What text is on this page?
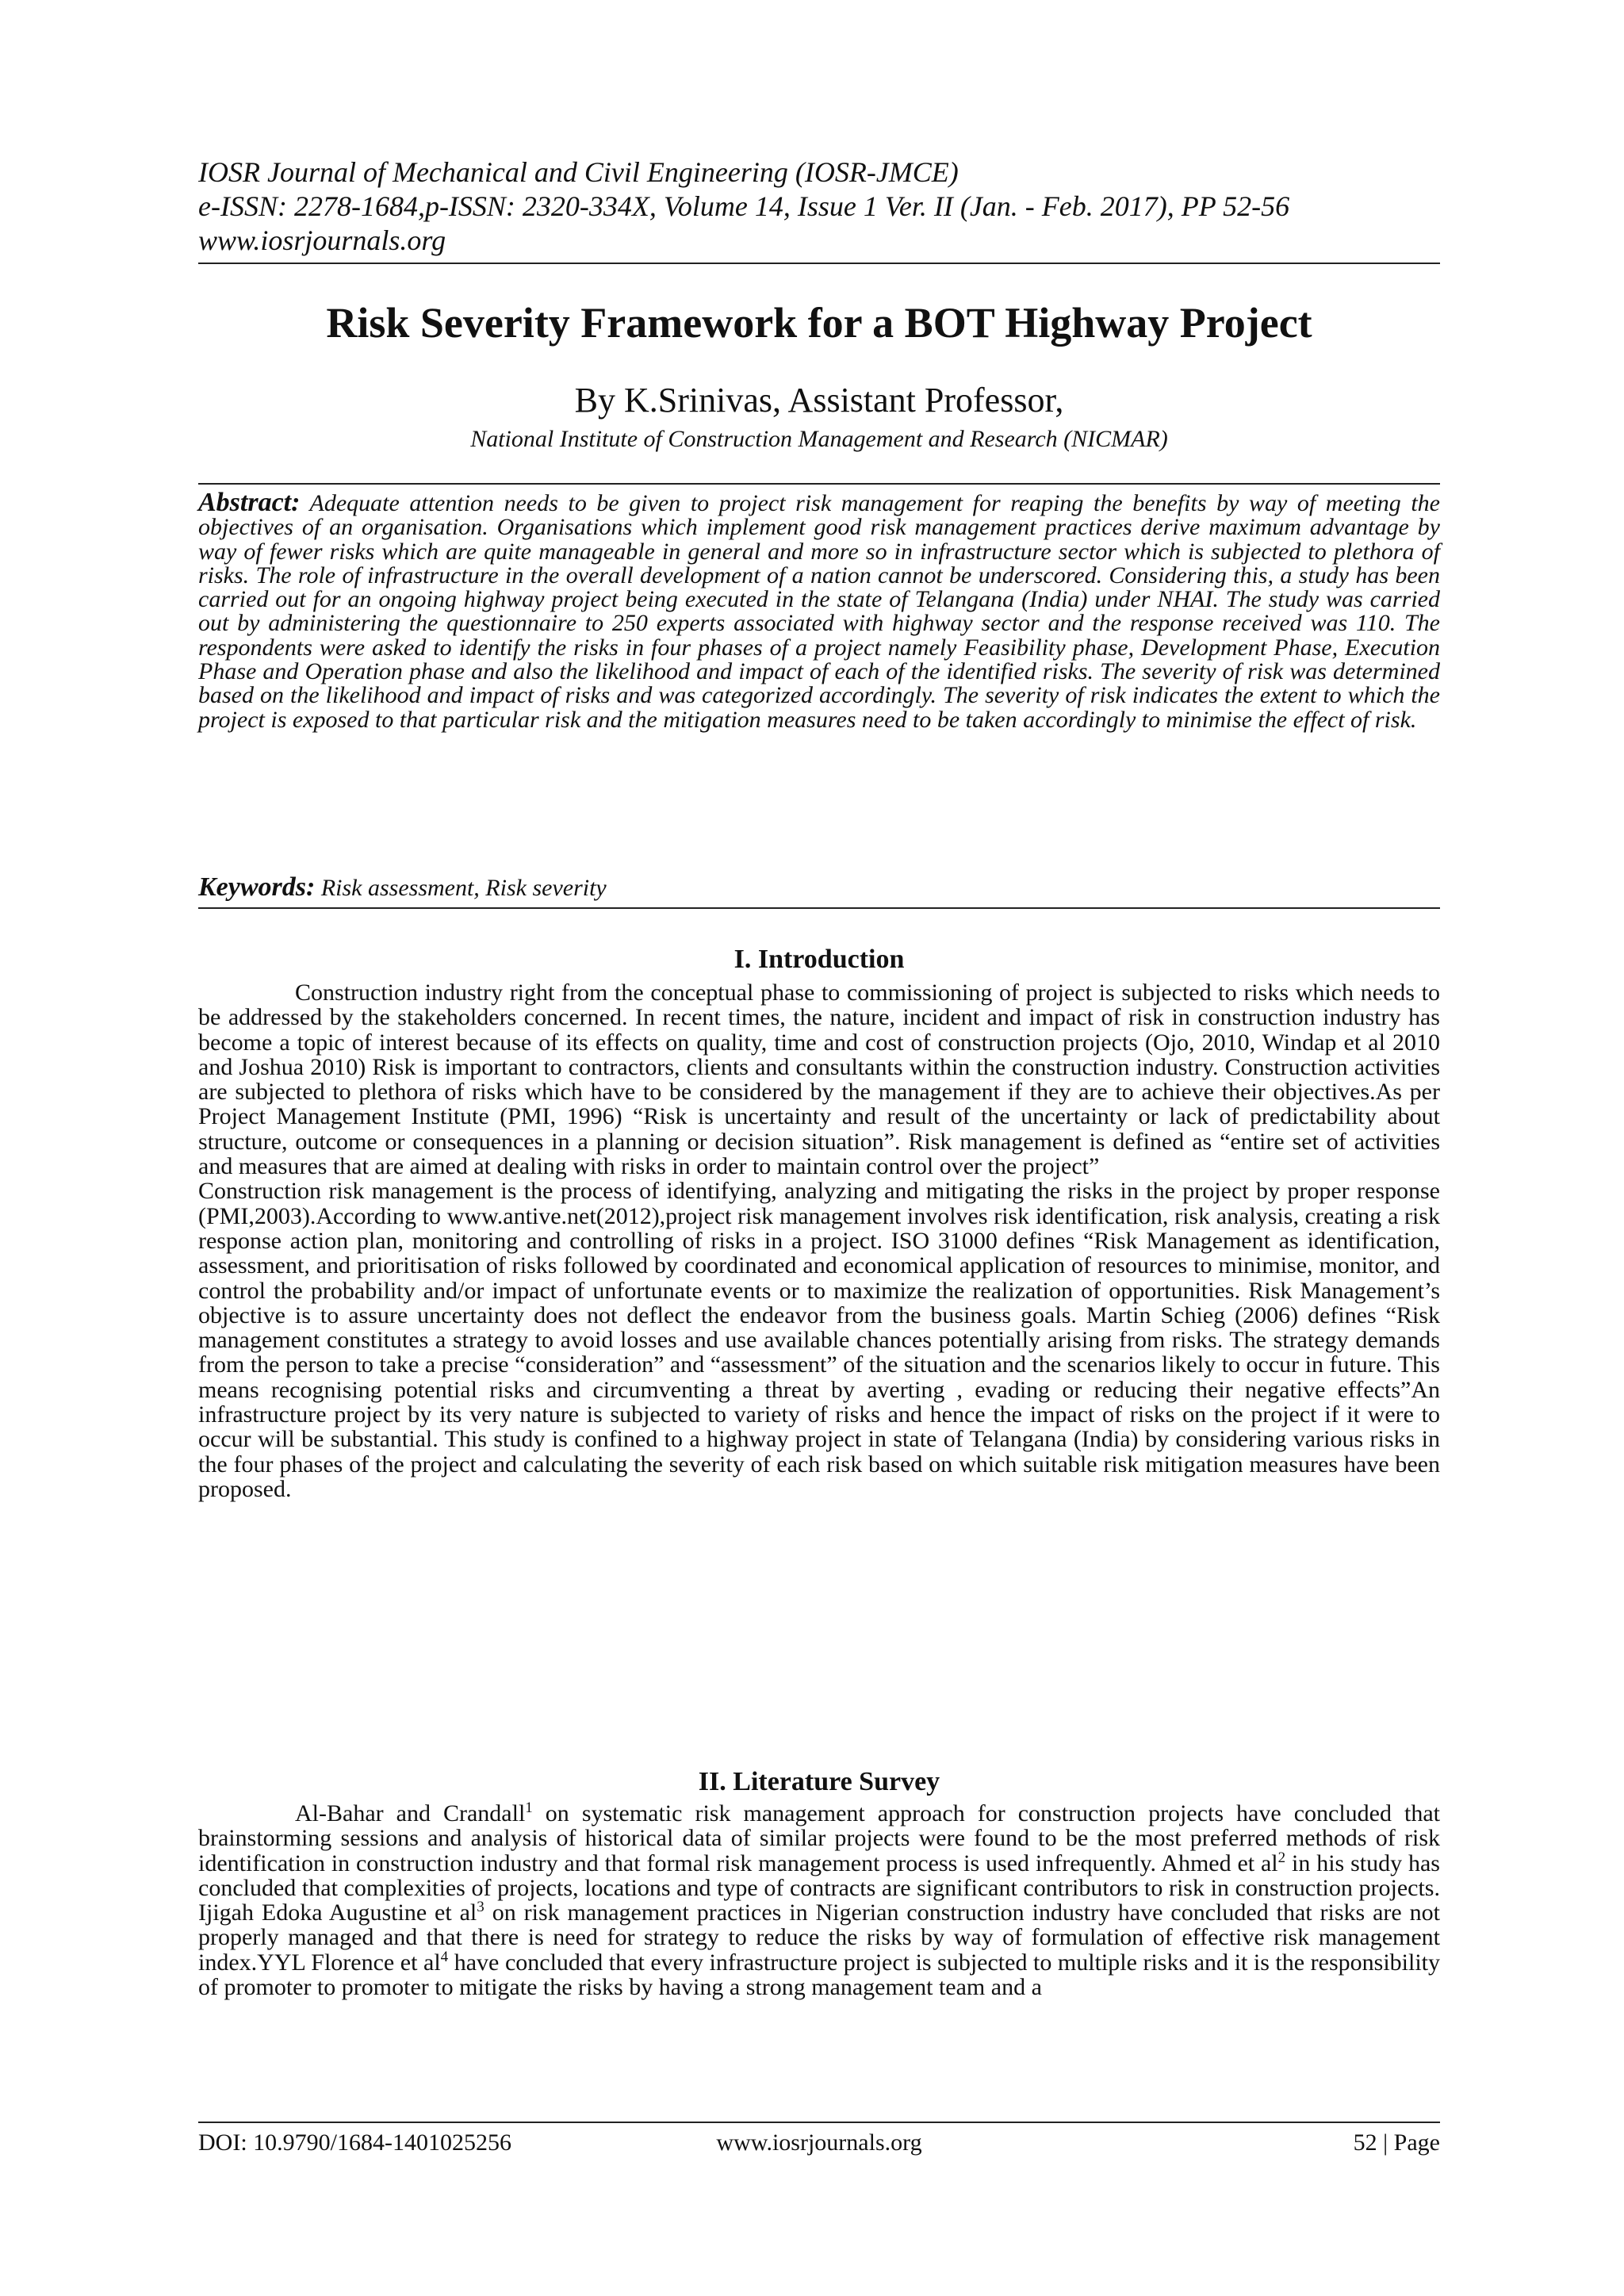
IOSR Journal of Mechanical and Civil Engineering (IOSR-JMCE)
e-ISSN: 2278-1684,p-ISSN: 2320-334X, Volume 14, Issue 1 Ver. II (Jan. - Feb. 2017), PP 52-56
www.iosrjournals.org
Risk Severity Framework for a BOT Highway Project
By K.Srinivas, Assistant Professor,
National Institute of Construction Management and Research (NICMAR)
Abstract: Adequate attention needs to be given to project risk management for reaping the benefits by way of meeting the objectives of an organisation. Organisations which implement good risk management practices derive maximum advantage by way of fewer risks which are quite manageable in general and more so in infrastructure sector which is subjected to plethora of risks. The role of infrastructure in the overall development of a nation cannot be underscored. Considering this, a study has been carried out for an ongoing highway project being executed in the state of Telangana (India) under NHAI. The study was carried out by administering the questionnaire to 250 experts associated with highway sector and the response received was 110. The respondents were asked to identify the risks in four phases of a project namely Feasibility phase, Development Phase, Execution Phase and Operation phase and also the likelihood and impact of each of the identified risks. The severity of risk was determined based on the likelihood and impact of risks and was categorized accordingly. The severity of risk indicates the extent to which the project is exposed to that particular risk and the mitigation measures need to be taken accordingly to minimise the effect of risk.
Keywords: Risk assessment, Risk severity
I. Introduction

Construction industry right from the conceptual phase to commissioning of project is subjected to risks which needs to be addressed by the stakeholders concerned. In recent times, the nature, incident and impact of risk in construction industry has become a topic of interest because of its effects on quality, time and cost of construction projects (Ojo, 2010, Windap et al 2010 and Joshua 2010) Risk is important to contractors, clients and consultants within the construction industry. Construction activities are subjected to plethora of risks which have to be considered by the management if they are to achieve their objectives.As per Project Management Institute (PMI, 1996) “Risk is uncertainty and result of the uncertainty or lack of predictability about structure, outcome or consequences in a planning or decision situation”. Risk management is defined as “entire set of activities and measures that are aimed at dealing with risks in order to maintain control over the project”

Construction risk management is the process of identifying, analyzing and mitigating the risks in the project by proper response (PMI,2003).According to www.antive.net(2012),project risk management involves risk identification, risk analysis, creating a risk response action plan, monitoring and controlling of risks in a project. ISO 31000 defines “Risk Management as identification, assessment, and prioritisation of risks followed by coordinated and economical application of resources to minimise, monitor, and control the probability and/or impact of unfortunate events or to maximize the realization of opportunities. Risk Management’s objective is to assure uncertainty does not deflect the endeavor from the business goals. Martin Schieg (2006) defines “Risk management constitutes a strategy to avoid losses and use available chances potentially arising from risks. The strategy demands from the person to take a precise “consideration” and “assessment” of the situation and the scenarios likely to occur in future. This means recognising potential risks and circumventing a threat by averting , evading or reducing their negative effects”An infrastructure project by its very nature is subjected to variety of risks and hence the impact of risks on the project if it were to occur will be substantial. This study is confined to a highway project in state of Telangana (India) by considering various risks in the four phases of the project and calculating the severity of each risk based on which suitable risk mitigation measures have been proposed.

II. Literature Survey

Al-Bahar and Crandall$^1$ on systematic risk management approach for construction projects have concluded that brainstorming sessions and analysis of historical data of similar projects were found to be the most preferred methods of risk identification in construction industry and that formal risk management process is used infrequently. Ahmed et $al^2$ in his study has concluded that complexities of projects, locations and type of contracts are significant contributors to risk in construction projects. Ijigah Edoka Augustine et $al^3$ on risk management practices in Nigerian construction industry have concluded that risks are not properly managed and that there is need for strategy to reduce the risks by way of formulation of effective risk management index.YYL Florence et $al^4$ have concluded that every infrastructure project is subjected to multiple risks and it is the responsibility of promoter to promoter to mitigate the risks by having a strong management team and a

www.iosrjournals.org
DOI: 10.9790/1684-1401025256	52 | Page
